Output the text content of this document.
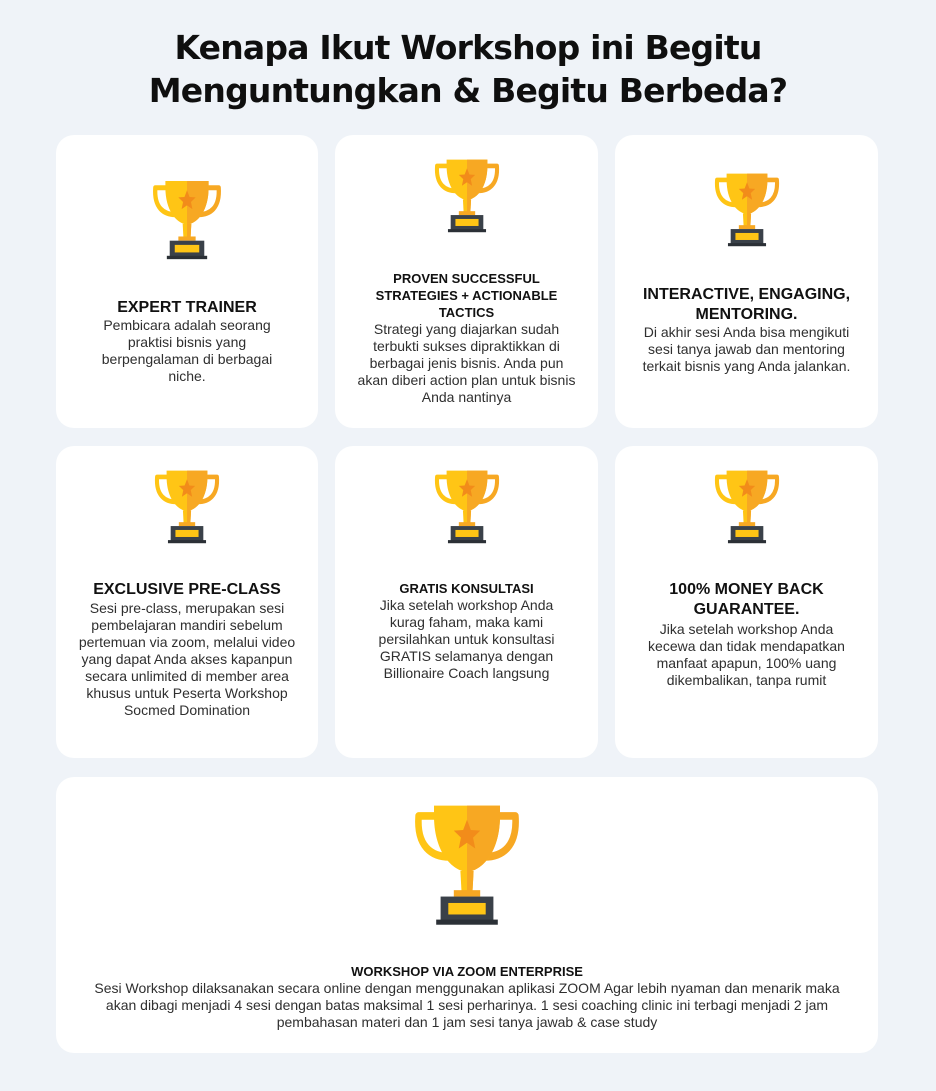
Kenapa Ikut Workshop ini Begitu
Menguntungkan & Begitu Berbeda?
EXPERT TRAINER

Pembicara adalah seorang praktisi bisnis yang berpengalaman di berbagai niche.

PROVEN SUCCESSFUL STRATEGIES + ACTIONABLE TACTICS

Strategi yang diajarkan sudah terbukti sukses dipraktikkan di berbagai jenis bisnis. Anda pun akan diberi action plan untuk bisnis Anda nantinya

INTERACTIVE, ENGAGING, MENTORING.

Di akhir sesi Anda bisa mengikuti sesi tanya jawab dan mentoring terkait bisnis yang Anda jalankan.

EXCLUSIVE PRE-CLASS

Sesi pre-class, merupakan sesi pembelajaran mandiri sebelum pertemuan via zoom, melalui video yang dapat Anda akses kapanpun secara unlimited di member area khusus untuk Peserta Workshop Socmed Domination

GRATIS KONSULTASI

Jika setelah workshop Anda kurag faham, maka kami persilahkan untuk konsultasi GRATIS selamanya dengan Billionaire Coach langsung

100% MONEY BACK GUARANTEE.

Jika setelah workshop Anda kecewa dan tidak mendapatkan manfaat apapun, 100% uang dikembalikan, tanpa rumit

WORKSHOP VIA ZOOM ENTERPRISE

Sesi Workshop dilaksanakan secara online dengan menggunakan aplikasi ZOOM Agar lebih nyaman dan menarik maka akan dibagi menjadi 4 sesi dengan batas maksimal 1 sesi perharinya. 1 sesi coaching clinic ini terbagi menjadi 2 jam pembahasan materi dan 1 jam sesi tanya jawab & case study
